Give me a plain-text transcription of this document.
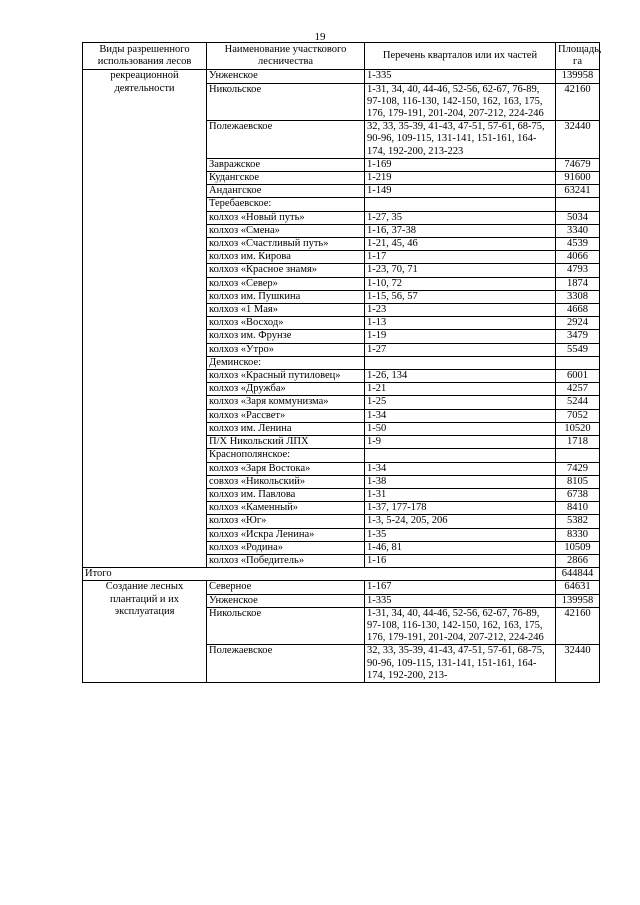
19
Виды разрешенного использования лесов	Наименование участкового лесничества	Перечень кварталов или их частей	Площадь, га
рекреационной деятельности	Унженское	1-335	139958
	Никольское	1-31, 34, 40, 44-46, 52-56, 62-67, 76-89, 97-108, 116-130, 142-150, 162, 163, 175, 176, 179-191, 201-204, 207-212, 224-246	42160
	Полежаевское	32, 33, 35-39, 41-43, 47-51, 57-61, 68-75, 90-96, 109-115, 131-141, 151-161, 164-174, 192-200, 213-223	32440
	Завражское	1-169	74679
	Кудангское	1-219	91600
	Андангское	1-149	63241
	Теребаевское:		
	колхоз «Новый путь»	1-27, 35	5034
	колхоз «Смена»	1-16, 37-38	3340
	колхоз «Счастливый путь»	1-21, 45, 46	4539
	колхоз им. Кирова	1-17	4066
	колхоз «Красное знамя»	1-23, 70, 71	4793
	колхоз «Север»	1-10, 72	1874
	колхоз им. Пушкина	1-15, 56, 57	3308
	колхоз «1 Мая»	1-23	4668
	колхоз «Восход»	1-13	2924
	колхоз им. Фрунзе	1-19	3479
	колхоз «Утро»	1-27	5549
	Деминское:		
	колхоз «Красный путиловец»	1-26, 134	6001
	колхоз «Дружба»	1-21	4257
	колхоз «Заря коммунизма»	1-25	5244
	колхоз «Рассвет»	1-34	7052
	колхоз им. Ленина	1-50	10520
	П/Х Никольский ЛПХ	1-9	1718
	Краснополянское:		
	колхоз «Заря Востока»	1-34	7429
	совхоз «Никольский»	1-38	8105
	колхоз им. Павлова	1-31	6738
	колхоз «Каменный»	1-37, 177-178	8410
	колхоз «Юг»	1-3, 5-24, 205, 206	5382
	колхоз «Искра Ленина»	1-35	8330
	колхоз «Родина»	1-46, 81	10509
	колхоз «Победитель»	1-16	2866
Итого			644844
Создание лесных плантаций и их эксплуатация	Северное	1-167	64631
	Унженское	1-335	139958
	Никольское	1-31, 34, 40, 44-46, 52-56, 62-67, 76-89, 97-108, 116-130, 142-150, 162, 163, 175, 176, 179-191, 201-204, 207-212, 224-246	42160
	Полежаевское	32, 33, 35-39, 41-43, 47-51, 57-61, 68-75, 90-96, 109-115, 131-141, 151-161, 164-174, 192-200, 213-	32440
